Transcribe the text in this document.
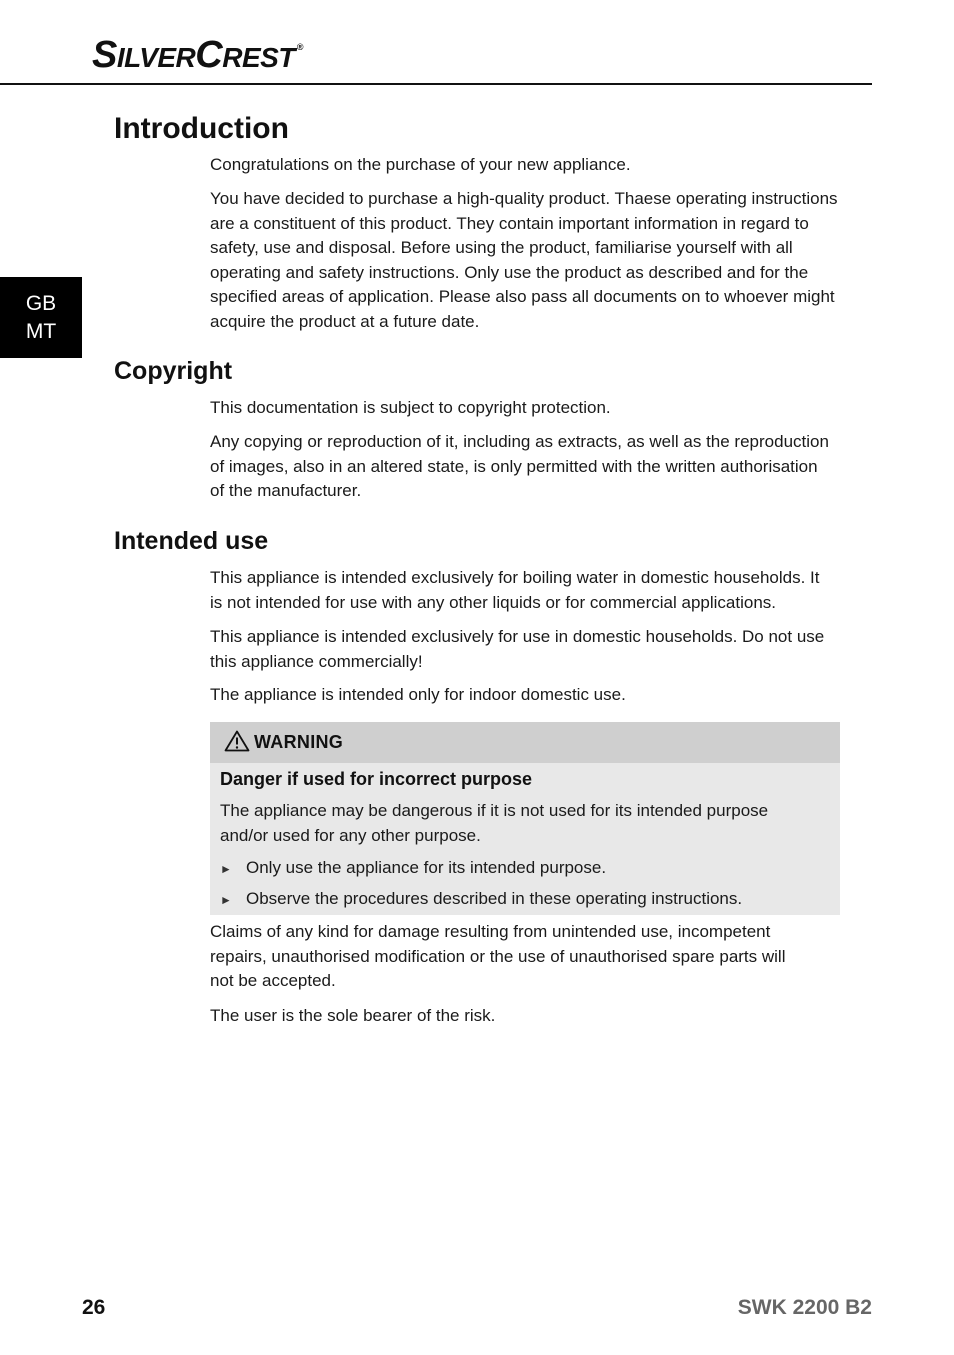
SILVERCREST ®
GB
MT
Introduction

Congratulations on the purchase of your new appliance.

You have decided to purchase a high-quality product. Thaese operating instructions are a constituent of this product. They contain important information in regard to safety, use and disposal. Before using the product, familiarise yourself with all operating and safety instructions. Only use the product as described and for the specified areas of application. Please also pass all documents on to whoever might acquire the product at a future date.

Copyright

This documentation is subject to copyright protection.

Any copying or reproduction of it, including as extracts, as well as the reproduction of images, also in an altered state, is only permitted with the written authorisation of the manufacturer.

Intended use

This appliance is intended exclusively for boiling water in domestic households. It is not intended for use with any other liquids or for commercial applications.

This appliance is intended exclusively for use in domestic households. Do not use this appliance commercially!

The appliance is intended only for indoor domestic use.

WARNING
Danger if used for incorrect purpose
The appliance may be dangerous if it is not used for its intended purpose and/or used for any other purpose.
► Only use the appliance for its intended purpose.
► Observe the procedures described in these operating instructions.

Claims of any kind for damage resulting from unintended use, incompetent repairs, unauthorised modification or the use of unauthorised spare parts will not be accepted.

The user is the sole bearer of the risk.

26	SWK 2200 B2
